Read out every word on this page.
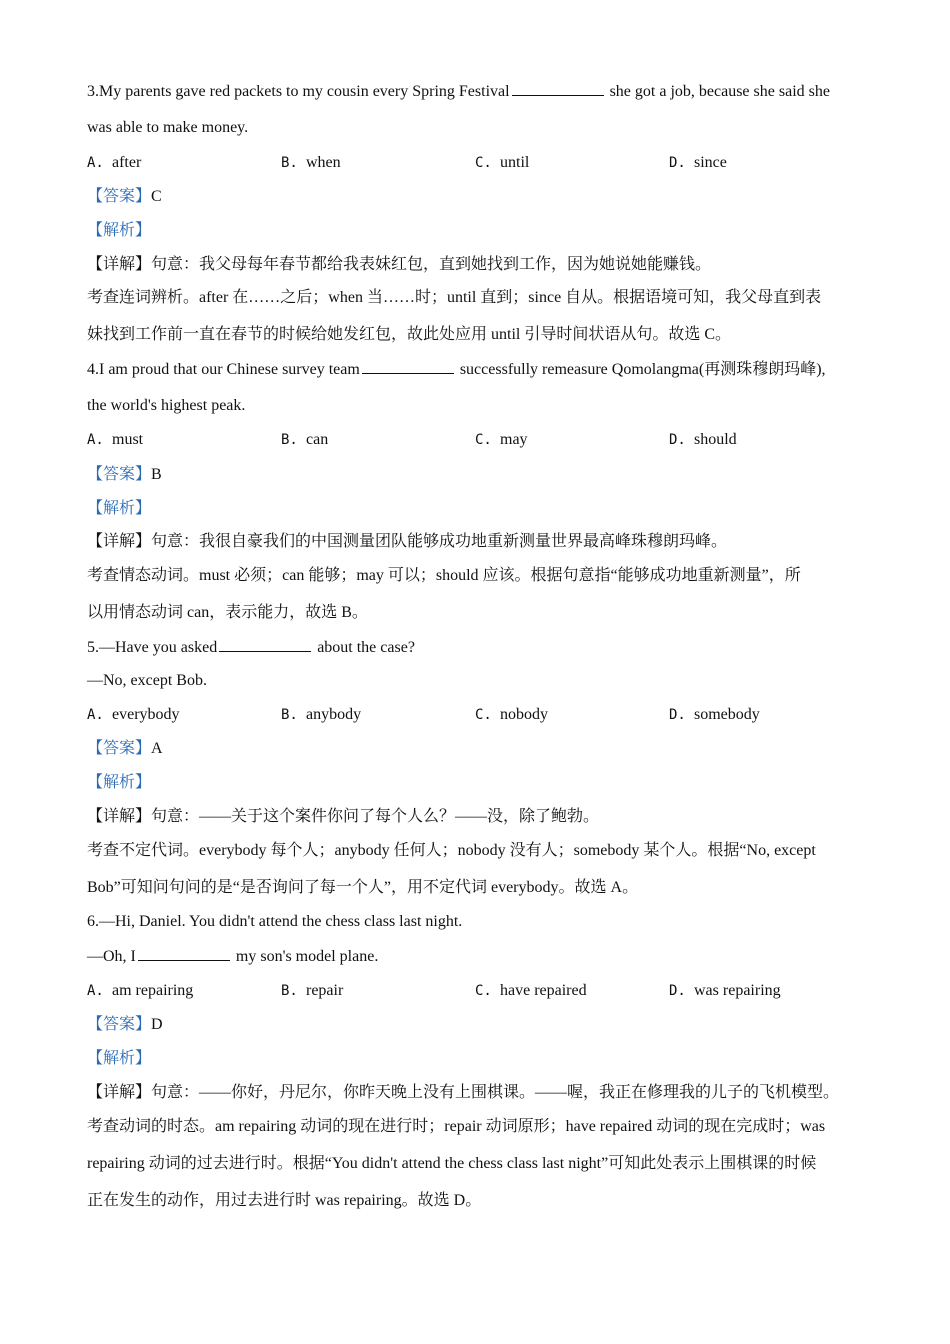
3.My parents gave red packets to my cousin every Spring Festival	she got a job, because she said she
was able to make money.
A. after	B. when	C. until	D. since
【答案】C
【解析】
【详解】句意：我父母每年春节都给我表妹红包，直到她找到工作，因为她说她能赚钱。
考查连词辨析。after 在……之后；when 当……时；until 直到；since 自从。根据语境可知，我父母直到表
妹找到工作前一直在春节的时候给她发红包，故此处应用 until 引导时间状语从句。故选 C。
4.I am proud that our Chinese survey team	successfully remeasure Qomolangma(再测珠穆朗玛峰),
the world's highest peak.
A. must	B. can	C. may	D. should
【答案】B
【解析】
【详解】句意：我很自豪我们的中国测量团队能够成功地重新测量世界最高峰珠穆朗玛峰。
考查情态动词。must 必须；can 能够；may 可以；should 应该。根据句意指“能够成功地重新测量”，所
以用情态动词 can，表示能力，故选 B。
5.—Have you asked	about the case?
—No, except Bob.
A. everybody	B. anybody	C. nobody	D. somebody
【答案】A
【解析】
【详解】句意：——关于这个案件你问了每个人么？——没，除了鲍勃。
考查不定代词。everybody 每个人；anybody 任何人；nobody 没有人；somebody 某个人。根据“No, except
Bob”可知问句问的是“是否询问了每一个人”，用不定代词 everybody。故选 A。
6.—Hi, Daniel. You didn't attend the chess class last night.
—Oh, I	my son's model plane.
A. am repairing	B. repair	C. have repaired	D. was repairing
【答案】D
【解析】
【详解】句意：——你好，丹尼尔，你昨天晚上没有上围棋课。——喔，我正在修理我的儿子的飞机模型。
考查动词的时态。am repairing 动词的现在进行时；repair 动词原形；have repaired 动词的现在完成时；was
repairing 动词的过去进行时。根据“You didn't attend the chess class last night”可知此处表示上围棋课的时候
正在发生的动作，用过去进行时 was repairing。故选 D。
